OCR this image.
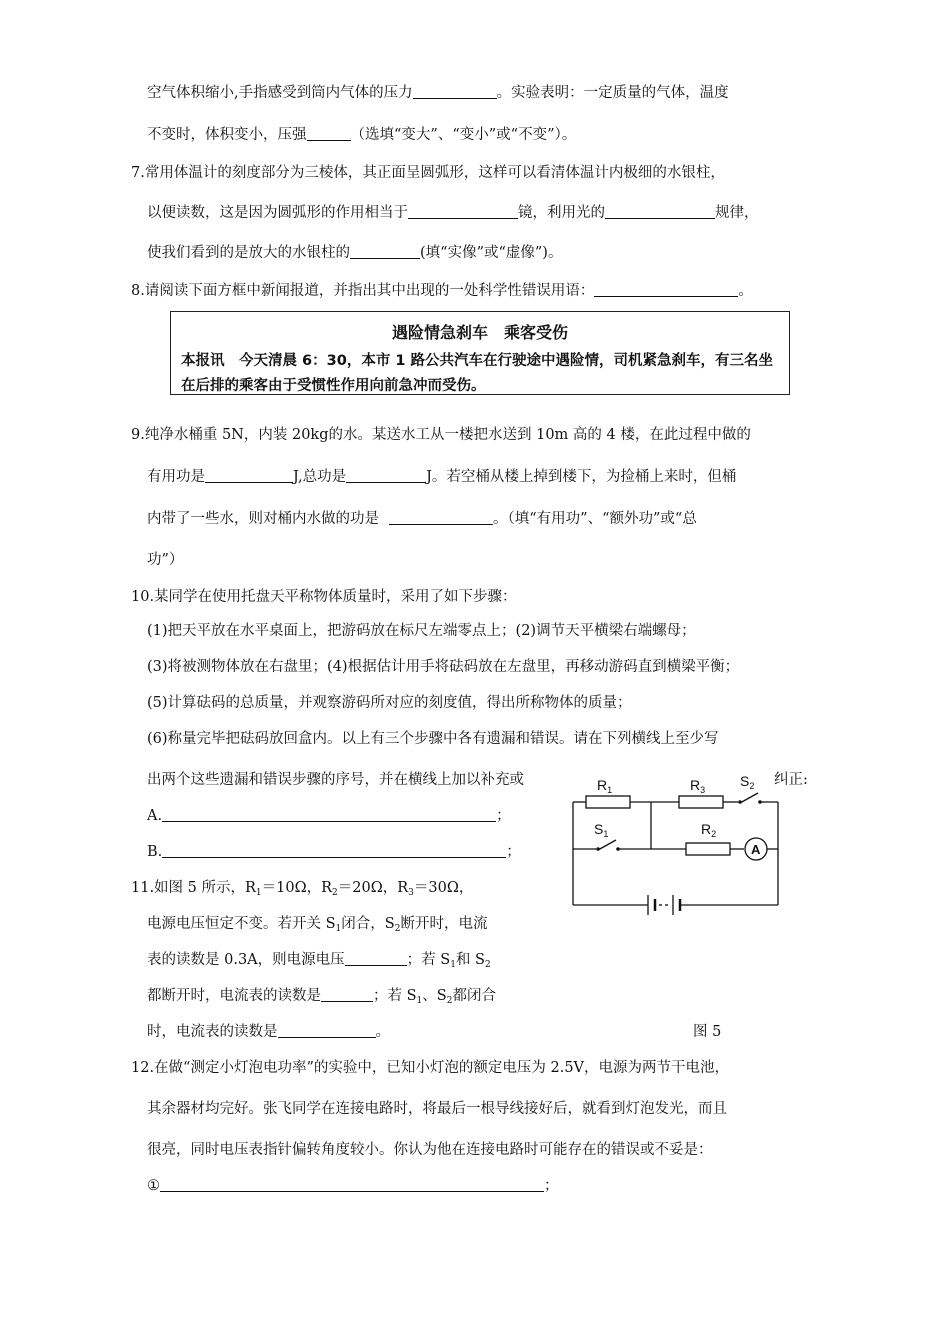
空气体积缩小,手指感受到筒内气体的压力	。实验表明：一定质量的气体，温度
不变时，体积变小，压强	（选填“变大”、“变小”或“不变”）。
7.常用体温计的刻度部分为三棱体，其正面呈圆弧形，这样可以看清体温计内极细的水银柱，
以便读数，这是因为圆弧形的作用相当于	镜，利用光的	规律，
使我们看到的是放大的水银柱的	(填“实像”或“虚像”)。
8.请阅读下面方框中新闻报道，并指出其中出现的一处科学性错误用语：	。
遇险情急刹车　乘客受伤
本报讯　今天清晨 6：30，本市 1 路公共汽车在行驶途中遇险情，司机紧急刹车，有三名坐在后排的乘客由于受惯性作用向前急冲而受伤。
9.纯净水桶重 5N，内装 20kg的水。某送水工从一楼把水送到 10m 高的 4 楼，在此过程中做的
有用功是	J,总功是	J。若空桶从楼上掉到楼下，为捡桶上来时，但桶
内带了一些水，则对桶内水做的功是	。（填“有用功”、“额外功”或“总
功”）
10.某同学在使用托盘天平称物体质量时，采用了如下步骤：
(1)把天平放在水平桌面上，把游码放在标尺左端零点上；(2)调节天平横梁右端螺母；
(3)将被测物体放在右盘里；(4)根据估计用手将砝码放在左盘里，再移动游码直到横梁平衡；
(5)计算砝码的总质量，并观察游码所对应的刻度值，得出所称物体的质量；
(6)称量完毕把砝码放回盒内。以上有三个步骤中各有遗漏和错误。请在下列横线上至少写
出两个这些遗漏和错误步骤的序号，并在横线上加以补充或	纠正:
A.	；
B.	；
11.如图 5 所示，$R_1=10\Omega$，$R_2=20\Omega$，$R_3=30\Omega$，
电源电压恒定不变。若开关 $S_1$闭合，$S_2$断开时，电流
表的读数是 0.3A，则电源电压	；若 $S_1$和 $S_2$
都断开时，电流表的读数是	；若 $S_1$、$S_2$都闭合
时，电流表的读数是	。	图 5
12.在做“测定小灯泡电功率”的实验中，已知小灯泡的额定电压为 2.5V，电源为两节干电池，
其余器材均完好。张飞同学在连接电路时，将最后一根导线接好后，就看到灯泡发光，而且
很亮，同时电压表指针偏转角度较小。你认为他在连接电路时可能存在的错误或不妥是：
①	；
$R_1$	$R_3$
$S_2$
$S_1$	$R_2$
A
